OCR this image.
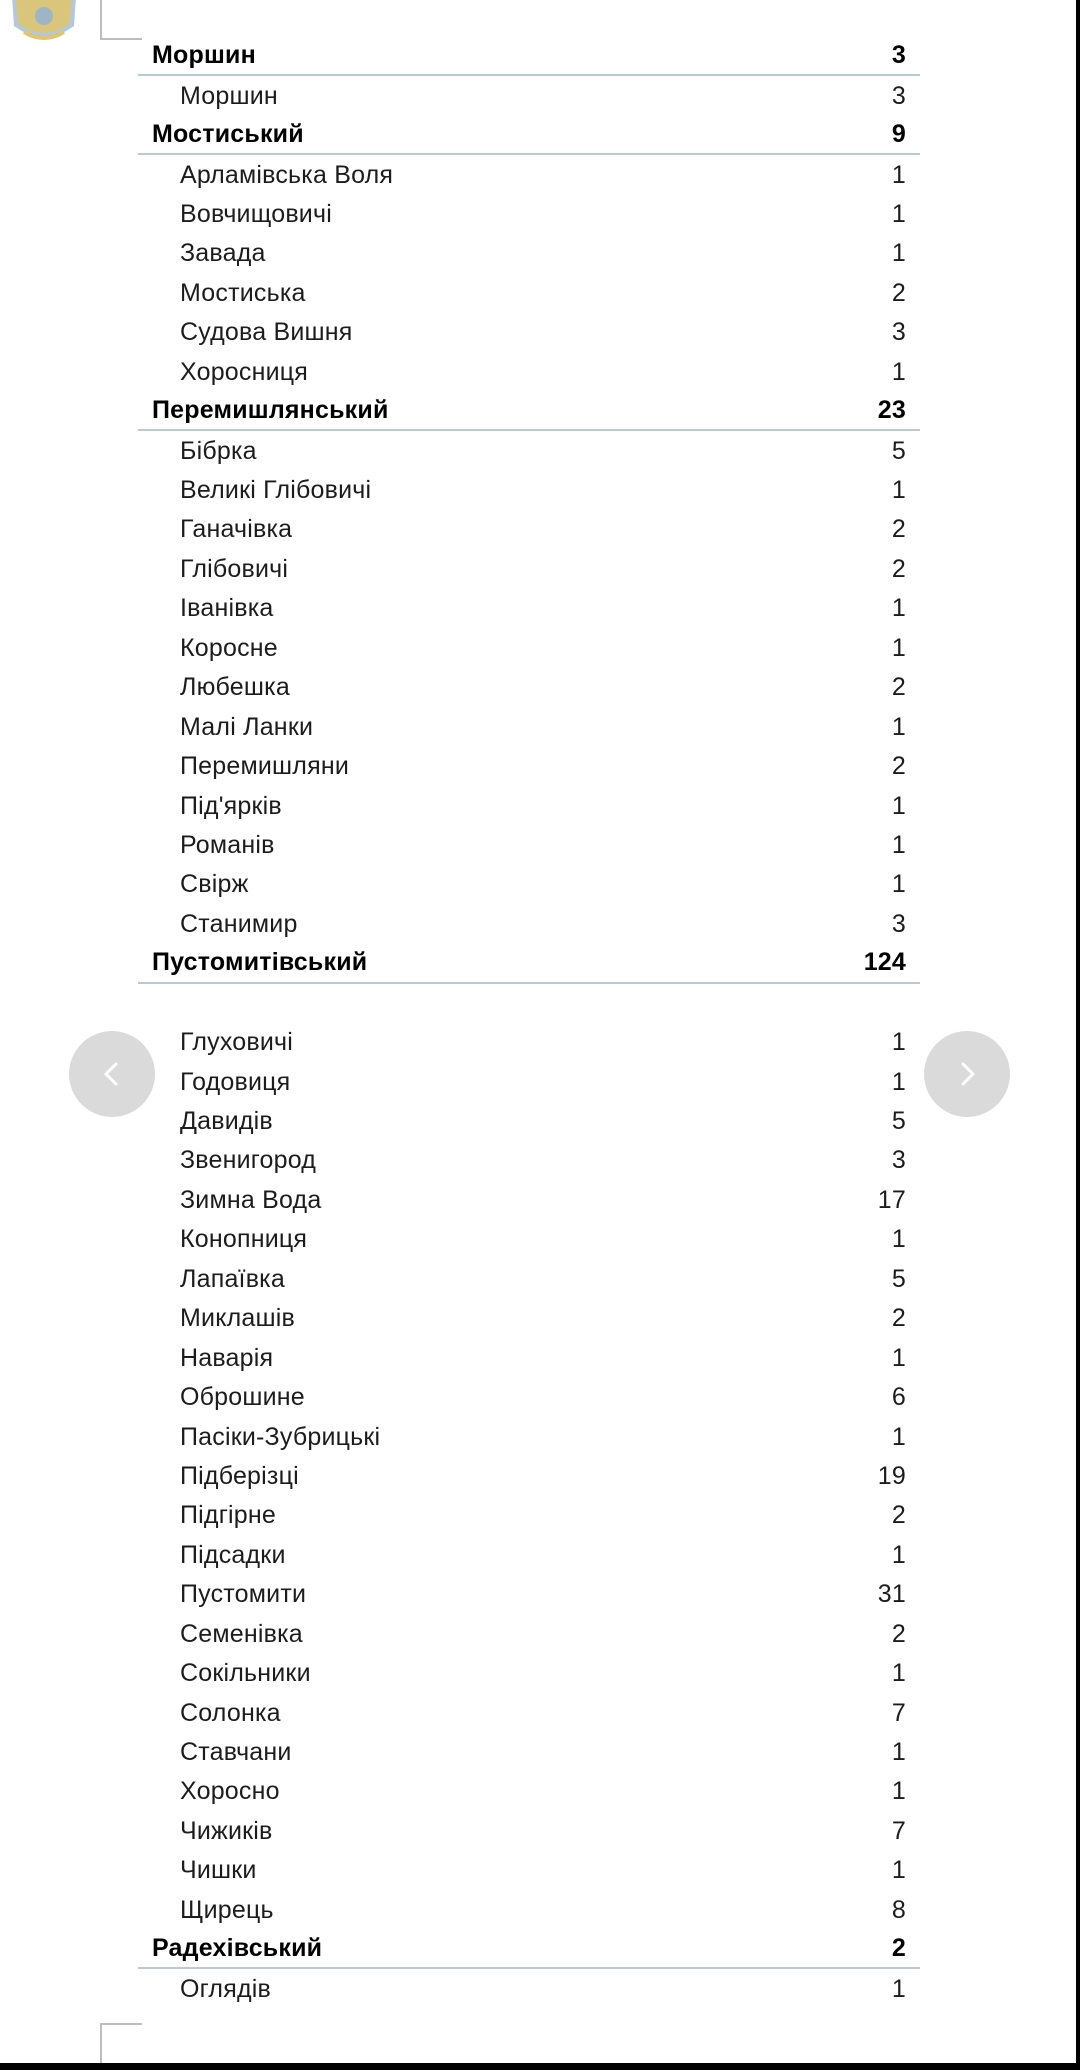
Моршин	3
Моршин	3
Мостиський	9
Арламівська Воля	1
Вовчищовичі	1
Завада	1
Мостиська	2
Судова Вишня	3
Хоросниця	1
Перемишлянський	23
Бібрка	5
Великі Глібовичі	1
Ганачівка	2
Глібовичі	2
Іванівка	1
Коросне	1
Любешка	2
Малі Ланки	1
Перемишляни	2
Під'ярків	1
Романів	1
Свірж	1
Станимир	3
Пустомитівський	124
Глуховичі	1
Годовиця	1
Давидів	5
Звенигород	3
Зимна Вода	17
Конопниця	1
Лапаївка	5
Миклашів	2
Наварія	1
Оброшине	6
Пасіки-Зубрицькі	1
Підберізці	19
Підгірне	2
Підсадки	1
Пустомити	31
Семенівка	2
Сокільники	1
Солонка	7
Ставчани	1
Хоросно	1
Чижиків	7
Чишки	1
Щирець	8
Радехівський	2
Оглядів	1
